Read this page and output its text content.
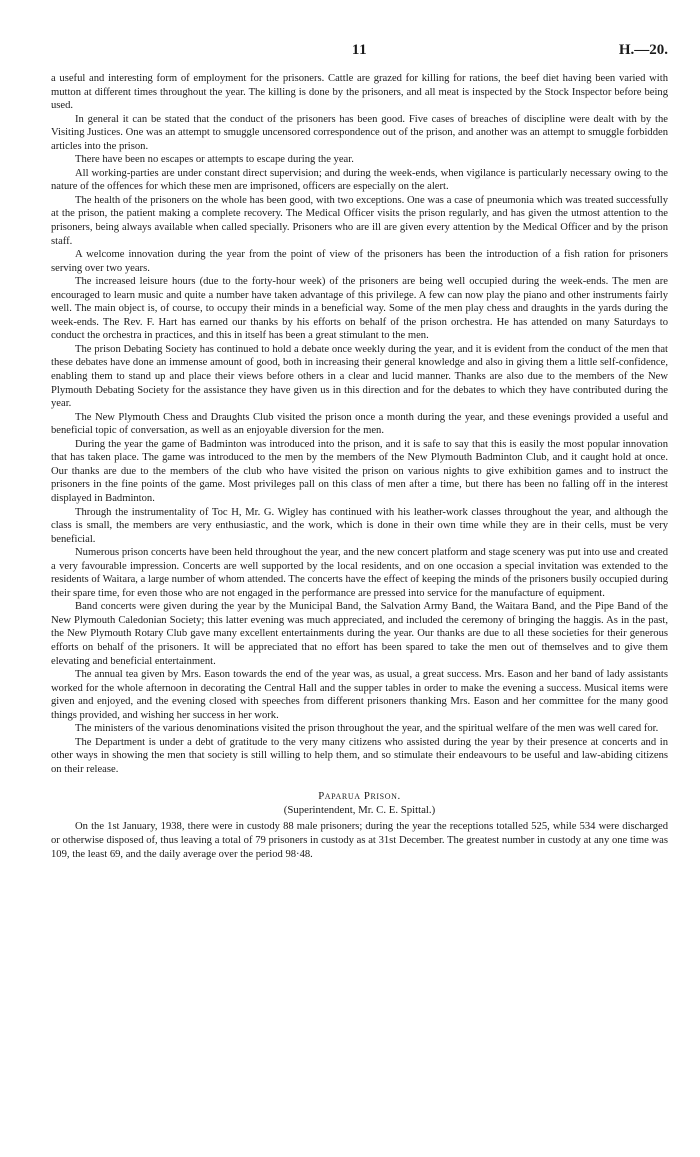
11	H.—20.

a useful and interesting form of employment for the prisoners. Cattle are grazed for killing for rations, the beef diet having been varied with mutton at different times throughout the year. The killing is done by the prisoners, and all meat is inspected by the Stock Inspector before being used.

In general it can be stated that the conduct of the prisoners has been good. Five cases of breaches of discipline were dealt with by the Visiting Justices. One was an attempt to smuggle uncensored correspondence out of the prison, and another was an attempt to smuggle forbidden articles into the prison.

There have been no escapes or attempts to escape during the year.

All working-parties are under constant direct supervision; and during the week-ends, when vigilance is particularly necessary owing to the nature of the offences for which these men are imprisoned, officers are especially on the alert.

The health of the prisoners on the whole has been good, with two exceptions. One was a case of pneumonia which was treated successfully at the prison, the patient making a complete recovery. The Medical Officer visits the prison regularly, and has given the utmost attention to the prisoners, being always available when called specially. Prisoners who are ill are given every attention by the Medical Officer and by the prison staff.

A welcome innovation during the year from the point of view of the prisoners has been the introduction of a fish ration for prisoners serving over two years.

The increased leisure hours (due to the forty-hour week) of the prisoners are being well occupied during the week-ends. The men are encouraged to learn music and quite a number have taken advantage of this privilege. A few can now play the piano and other instruments fairly well. The main object is, of course, to occupy their minds in a beneficial way. Some of the men play chess and draughts in the yards during the week-ends. The Rev. F. Hart has earned our thanks by his efforts on behalf of the prison orchestra. He has attended on many Saturdays to conduct the orchestra in practices, and this in itself has been a great stimulant to the men.

The prison Debating Society has continued to hold a debate once weekly during the year, and it is evident from the conduct of the men that these debates have done an immense amount of good, both in increasing their general knowledge and also in giving them a little self-confidence, enabling them to stand up and place their views before others in a clear and lucid manner. Thanks are also due to the members of the New Plymouth Debating Society for the assistance they have given us in this direction and for the debates to which they have contributed during the year.

The New Plymouth Chess and Draughts Club visited the prison once a month during the year, and these evenings provided a useful and beneficial topic of conversation, as well as an enjoyable diversion for the men.

During the year the game of Badminton was introduced into the prison, and it is safe to say that this is easily the most popular innovation that has taken place. The game was introduced to the men by the members of the New Plymouth Badminton Club, and it caught hold at once. Our thanks are due to the members of the club who have visited the prison on various nights to give exhibition games and to instruct the prisoners in the fine points of the game. Most privileges pall on this class of men after a time, but there has been no falling off in the interest displayed in Badminton.

Through the instrumentality of Toc H, Mr. G. Wigley has continued with his leather-work classes throughout the year, and although the class is small, the members are very enthusiastic, and the work, which is done in their own time while they are in their cells, must be very beneficial.

Numerous prison concerts have been held throughout the year, and the new concert platform and stage scenery was put into use and created a very favourable impression. Concerts are well supported by the local residents, and on one occasion a special invitation was extended to the residents of Waitara, a large number of whom attended. The concerts have the effect of keeping the minds of the prisoners busily occupied during their spare time, for even those who are not engaged in the performance are pressed into service for the manufacture of equipment.

Band concerts were given during the year by the Municipal Band, the Salvation Army Band, the Waitara Band, and the Pipe Band of the New Plymouth Caledonian Society; this latter evening was much appreciated, and included the ceremony of bringing the haggis. As in the past, the New Plymouth Rotary Club gave many excellent entertainments during the year. Our thanks are due to all these societies for their generous efforts on behalf of the prisoners. It will be appreciated that no effort has been spared to take the men out of themselves and to give them elevating and beneficial entertainment.

The annual tea given by Mrs. Eason towards the end of the year was, as usual, a great success. Mrs. Eason and her band of lady assistants worked for the whole afternoon in decorating the Central Hall and the supper tables in order to make the evening a success. Musical items were given and enjoyed, and the evening closed with speeches from different prisoners thanking Mrs. Eason and her committee for the many good things provided, and wishing her success in her work.

The ministers of the various denominations visited the prison throughout the year, and the spiritual welfare of the men was well cared for.

The Department is under a debt of gratitude to the very many citizens who assisted during the year by their presence at concerts and in other ways in showing the men that society is still willing to help them, and so stimulate their endeavours to be useful and law-abiding citizens on their release.

Paparua Prison.
(Superintendent, Mr. C. E. Spittal.)

On the 1st January, 1938, there were in custody 88 male prisoners; during the year the receptions totalled 525, while 534 were discharged or otherwise disposed of, thus leaving a total of 79 prisoners in custody as at 31st December. The greatest number in custody at any one time was 109, the least 69, and the daily average over the period 98·48.
